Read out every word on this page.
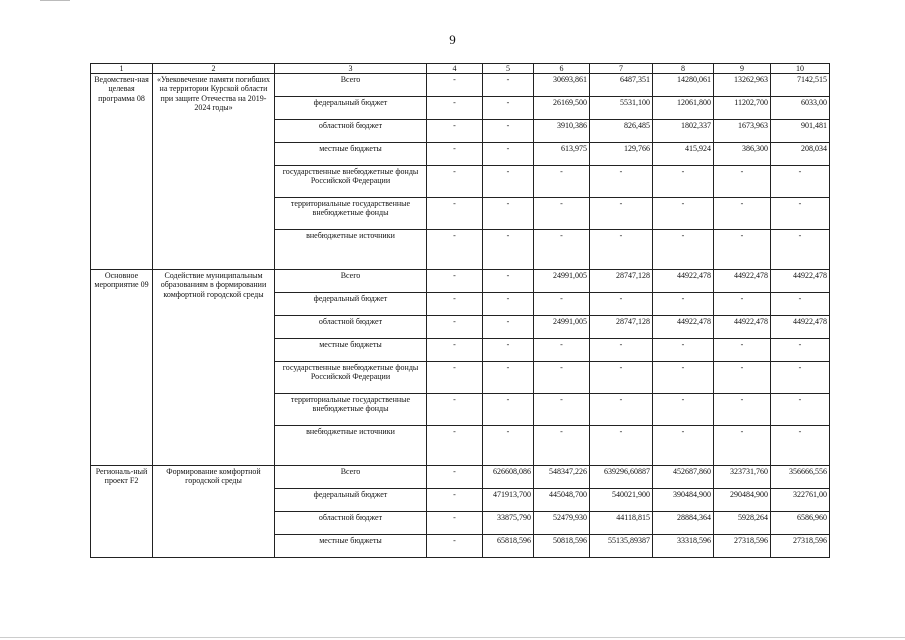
9
1	2	3	4	5	6	7	8	9	10
Ведомствен-ная целевая программа 08	«Увековечение памяти погибших на территории Курской области при защите Отечества на 2019-2024 годы»	Всего	-	-	30693,861	6487,351	14280,061	13262,963	7142,515
		федеральный бюджет	-	-	26169,500	5531,100	12061,800	11202,700	6033,00
		областной бюджет	-	-	3910,386	826,485	1802,337	1673,963	901,481
		местные бюджеты	-	-	613,975	129,766	415,924	386,300	208,034
		государственные внебюджетные фонды Российской Федерации	-	-	-	-	-	-	-
		территориальные государственные внебюджетные фонды	-	-	-	-	-	-	-
		внебюджетные источники	-	-	-	-	-	-	-
Основное мероприятие 09	Содействие муниципальным образованиям в формировании комфортной городской среды	Всего	-	-	24991,005	28747,128	44922,478	44922,478	44922,478
		федеральный бюджет	-	-	-	-	-	-	-
		областной бюджет	-	-	24991,005	28747,128	44922,478	44922,478	44922,478
		местные бюджеты	-	-	-	-	-	-	-
		государственные внебюджетные фонды Российской Федерации	-	-	-	-	-	-	-
		территориальные государственные внебюджетные фонды	-	-	-	-	-	-	-
		внебюджетные источники	-	-	-	-	-	-	-
Региональ-ный проект F2	Формирование комфортной городской среды	Всего	-	626608,086	548347,226	639296,60887	452687,860	323731,760	356666,556
		федеральный бюджет	-	471913,700	445048,700	540021,900	390484,900	290484,900	322761,00
		областной бюджет	-	33875,790	52479,930	44118,815	28884,364	5928,264	6586,960
		местные бюджеты	-	65818,596	50818,596	55135,89387	33318,596	27318,596	27318,596
